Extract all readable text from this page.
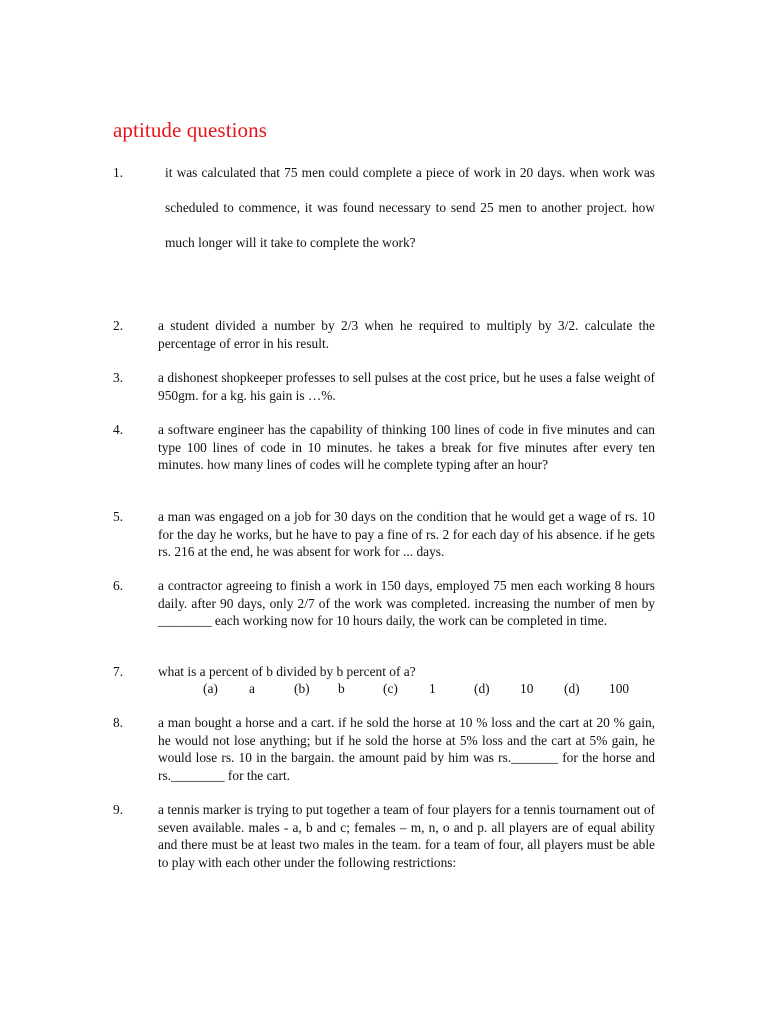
aptitude questions
1.	it was calculated that 75 men could complete a piece of work in 20 days. when work was scheduled to commence, it was found necessary to send 25 men to another project. how much longer will it take to complete the work?
2.	a student divided a number by 2/3 when he required to multiply by 3/2. calculate the percentage of error in his result.
3.	a dishonest shopkeeper professes to sell pulses at the cost price, but he uses a false weight of 950gm. for a kg. his gain is …%.
4.	a software engineer has the capability of thinking 100 lines of code in five minutes and can type 100 lines of code in 10 minutes. he takes a break for five minutes after every ten minutes. how many lines of codes will he complete typing after an hour?
5.	a man was engaged on a job for 30 days on the condition that he would get a wage of rs. 10 for the day he works, but he have to pay a fine of rs. 2 for each day of his absence. if he gets rs. 216 at the end, he was absent for work for ... days.
6.	a contractor agreeing to finish a work in 150 days, employed 75 men each working 8 hours daily. after 90 days, only 2/7 of the work was completed. increasing the number of men by ________ each working now for 10 hours daily, the work can be completed in time.
7.	what is a percent of b divided by b percent of a?
(a) a	(b) b	(c) 1	(d) 10 (d) 100
8.	a man bought a horse and a cart. if he sold the horse at 10 % loss and the cart at 20 % gain, he would not lose anything; but if he sold the horse at 5% loss and the cart at 5% gain, he would lose rs. 10 in the bargain. the amount paid by him was rs._______ for the horse and rs.________ for the cart.
9.	a tennis marker is trying to put together a team of four players for a tennis tournament out of seven available. males - a, b and c; females – m, n, o and p. all players are of equal ability and there must be at least two males in the team. for a team of four, all players must be able to play with each other under the following restrictions:
